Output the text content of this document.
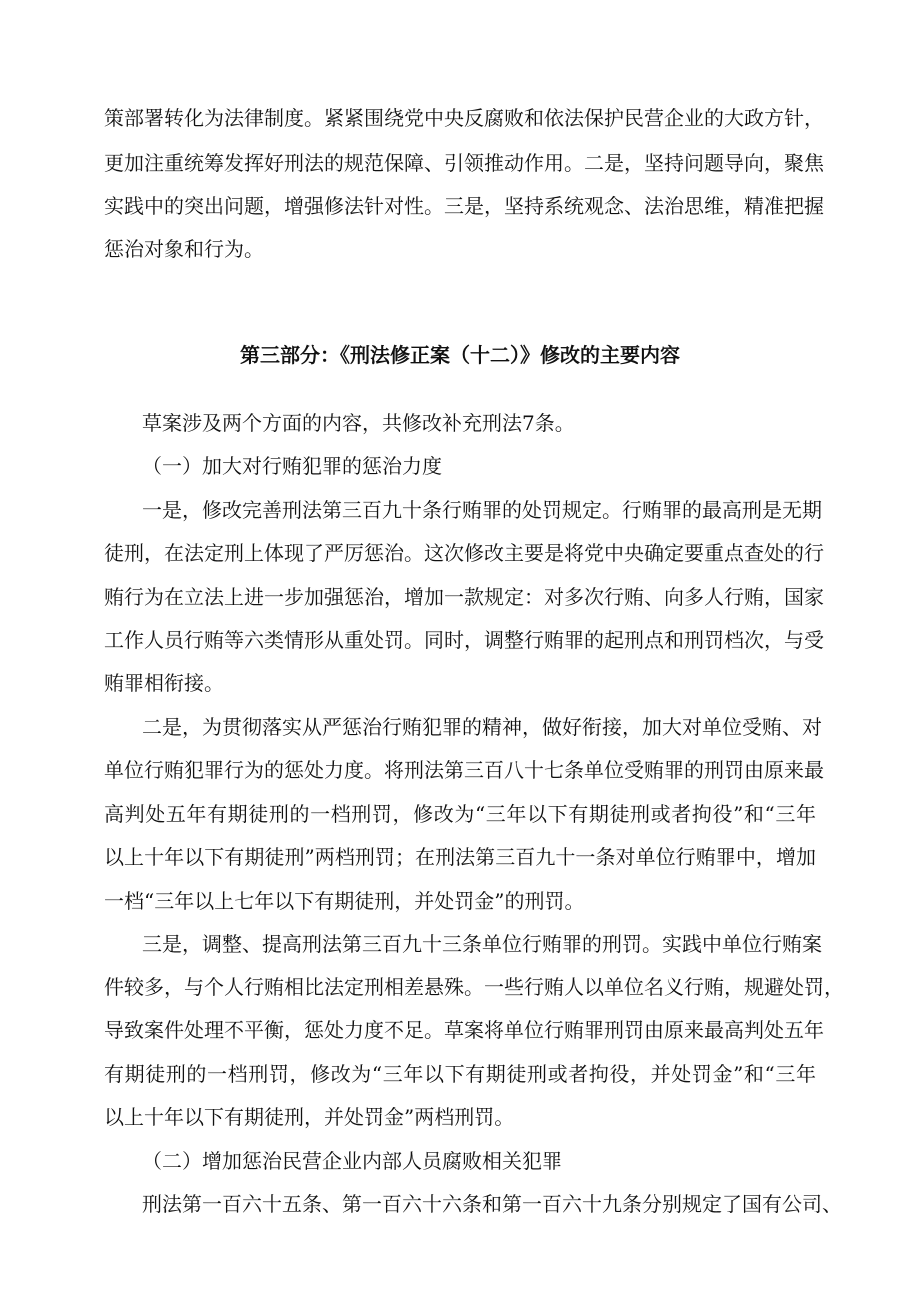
策部署转化为法律制度。紧紧围绕党中央反腐败和依法保护民营企业的大政方针，
更加注重统筹发挥好刑法的规范保障、引领推动作用。二是，坚持问题导向，聚焦
实践中的突出问题，增强修法针对性。三是，坚持系统观念、法治思维，精准把握
惩治对象和行为。
第三部分：《刑法修正案（十二）》修改的主要内容
草案涉及两个方面的内容，共修改补充刑法7条。
（一）加大对行贿犯罪的惩治力度
一是，修改完善刑法第三百九十条行贿罪的处罚规定。行贿罪的最高刑是无期
徒刑，在法定刑上体现了严厉惩治。这次修改主要是将党中央确定要重点查处的行
贿行为在立法上进一步加强惩治，增加一款规定：对多次行贿、向多人行贿，国家
工作人员行贿等六类情形从重处罚。同时，调整行贿罪的起刑点和刑罚档次，与受
贿罪相衔接。
二是，为贯彻落实从严惩治行贿犯罪的精神，做好衔接，加大对单位受贿、对
单位行贿犯罪行为的惩处力度。将刑法第三百八十七条单位受贿罪的刑罚由原来最
高判处五年有期徒刑的一档刑罚，修改为“三年以下有期徒刑或者拘役”和“三年
以上十年以下有期徒刑”两档刑罚；在刑法第三百九十一条对单位行贿罪中，增加
一档“三年以上七年以下有期徒刑，并处罚金”的刑罚。
三是，调整、提高刑法第三百九十三条单位行贿罪的刑罚。实践中单位行贿案
件较多，与个人行贿相比法定刑相差悬殊。一些行贿人以单位名义行贿，规避处罚，
导致案件处理不平衡，惩处力度不足。草案将单位行贿罪刑罚由原来最高判处五年
有期徒刑的一档刑罚，修改为“三年以下有期徒刑或者拘役，并处罚金”和“三年
以上十年以下有期徒刑，并处罚金”两档刑罚。
（二）增加惩治民营企业内部人员腐败相关犯罪
刑法第一百六十五条、第一百六十六条和第一百六十九条分别规定了国有公司、
